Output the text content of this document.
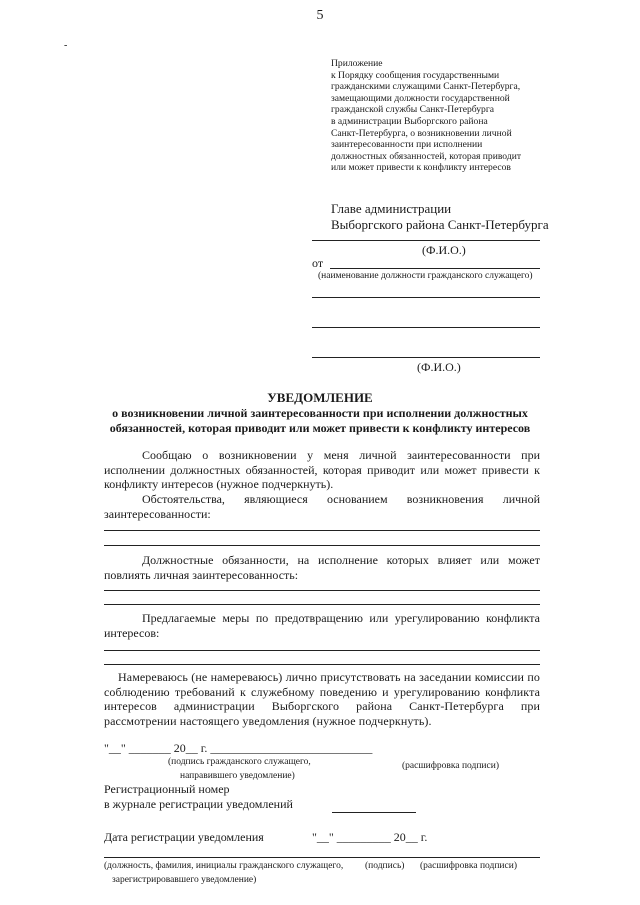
5
-
Приложение
к Порядку сообщения государственными
гражданскими служащими Санкт-Петербурга,
замещающими должности государственной
гражданской службы Санкт-Петербурга
в администрации Выборгского района
Санкт-Петербурга, о возникновении личной
заинтересованности при исполнении
должностных обязанностей, которая приводит
или может привести к конфликту интересов
Главе администрации
Выборгского района Санкт-Петербурга
(Ф.И.О.)
от
(наименование должности гражданского служащего)
(Ф.И.О.)
УВЕДОМЛЕНИЕ
о возникновении личной заинтересованности при исполнении должностных обязанностей, которая приводит или может привести к конфликту интересов
Сообщаю о возникновении у меня личной заинтересованности при исполнении должностных обязанностей, которая приводит или может привести к конфликту интересов (нужное подчеркнуть).
Обстоятельства, являющиеся основанием возникновения личной заинтересованности:
Должностные обязанности, на исполнение которых влияет или может повлиять личная заинтересованность:
Предлагаемые меры по предотвращению или урегулированию конфликта интересов:
Намереваюсь (не намереваюсь) лично присутствовать на заседании комиссии по соблюдению требований к служебному поведению и урегулированию конфликта интересов администрации Выборгского района Санкт-Петербурга при рассмотрении настоящего уведомления (нужное подчеркнуть).
"__" _______ 20__ г. ___________________________
(подпись гражданского служащего,
направившего уведомление)
(расшифровка подписи)
Регистрационный номер
в журнале регистрации уведомлений
Дата регистрации уведомления	"__" _________ 20__ г.
(должность, фамилия, инициалы гражданского служащего, (подпись) (расшифровка подписи)
зарегистрировавшего уведомление)
